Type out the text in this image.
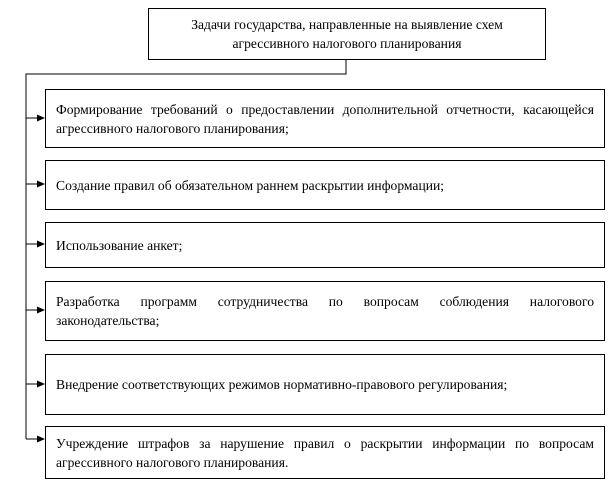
Задачи государства, направленные на выявление схем агрессивного налогового планирования
Формирование требований о предоставлении дополнительной отчетности, касающейся агрессивного налогового планирования;
Создание правил об обязательном раннем раскрытии информации;
Использование анкет;
Разработка программ сотрудничества по вопросам соблюдения налогового законодательства;
Внедрение соответствующих режимов нормативно-правового регулирования;
Учреждение штрафов за нарушение правил о раскрытии информации по вопросам агрессивного налогового планирования.
